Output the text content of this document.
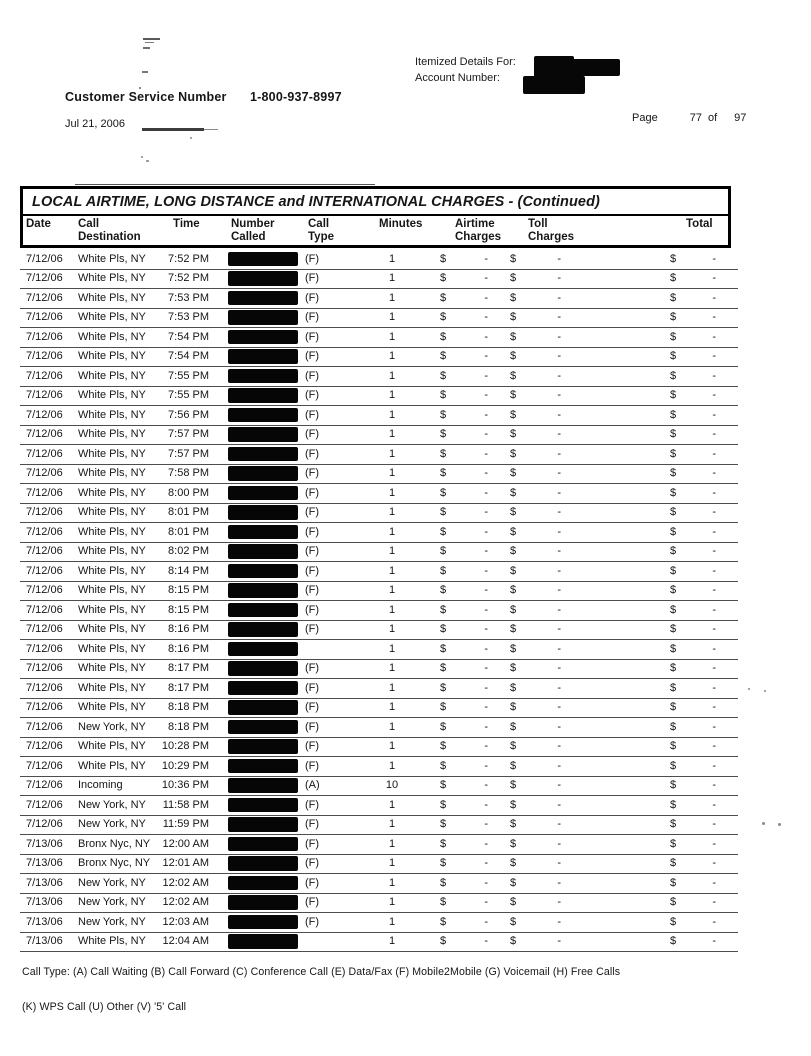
Itemized Details For:
Account Number:
Customer Service Number 1-800-937-8997
Jul 21, 2006	Page	77 of 97
LOCAL AIRTIME, LONG DISTANCE and INTERNATIONAL CHARGES - (Continued)
Date Call
Destination
Time	Number
Called
Call
Type
Minutes	Airtime
Charges
Toll
Charges
Total
7/12/06	White Pls, NY	7:52 PM	(F)	1	$	- $	-	$	-
7/12/06	White Pls, NY	7:52 PM	(F)	1	$	- $	-	$	-
7/12/06	White Pls, NY	7:53 PM	(F)	1	$	- $	-	$	-
7/12/06	White Pls, NY	7:53 PM	(F)	1	$	- $	-	$	-
7/12/06	White Pls, NY	7:54 PM	(F)	1	$	- $	-	$	-
7/12/06	White Pls, NY	7:54 PM	(F)	1	$	- $	-	$	-
7/12/06	White Pls, NY	7:55 PM	(F)	1	$	- $	-	$	-
7/12/06	White Pls, NY	7:55 PM	(F)	1	$	- $	-	$	-
7/12/06	White Pls, NY	7:56 PM	(F)	1	$	- $	-	$	-
7/12/06	White Pls, NY	7:57 PM	(F)	1	$	- $	-	$	-
7/12/06	White Pls, NY	7:57 PM	(F)	1	$	- $	-	$	-
7/12/06	White Pls, NY	7:58 PM	(F)	1	$	- $	-	$	-
7/12/06	White Pls, NY	8:00 PM	(F)	1	$	- $	-	$	-
7/12/06	White Pls, NY	8:01 PM	(F)	1	$	- $	-	$	-
7/12/06	White Pls, NY	8:01 PM	(F)	1	$	- $	-	$	-
7/12/06	White Pls, NY	8:02 PM	(F)	1	$	- $	-	$	-
7/12/06	White Pls, NY	8:14 PM	(F)	1	$	- $	-	$	-
7/12/06	White Pls, NY	8:15 PM	(F)	1	$	- $	-	$	-
7/12/06	White Pls, NY	8:15 PM	(F)	1	$	- $	-	$	-
7/12/06	White Pls, NY	8:16 PM	(F)	1	$	- $	-	$	-
7/12/06	White Pls, NY	8:16 PM	1	$	- $	-	$	-
7/12/06	White Pls, NY	8:17 PM	(F)	1	$	- $	-	$	-
7/12/06	White Pls, NY	8:17 PM	(F)	1	$	- $	-	$	-
7/12/06	White Pls, NY	8:18 PM	(F)	1	$	- $	-	$	-
7/12/06	New York, NY	8:18 PM	(F)	1	$	- $	-	$	-
7/12/06	White Pls, NY	10:28 PM	(F)	1	$	- $	-	$	-
7/12/06	White Pls, NY	10:29 PM	(F)	1	$	- $	-	$	-
7/12/06	Incoming	10:36 PM	(A)	10	$	- $	-	$	-
7/12/06	New York, NY	11:58 PM	(F)	1	$	- $	-	$	-
7/12/06	New York, NY	11:59 PM	(F)	1	$	- $	-	$	-
7/13/06	Bronx Nyc, NY	12:00 AM	(F)	1	$	- $	-	$	-
7/13/06	Bronx Nyc, NY	12:01 AM	(F)	1	$	- $	-	$	-
7/13/06	New York, NY	12:02 AM	(F)	1	$	- $	-	$	-
7/13/06	New York, NY	12:02 AM	(F)	1	$	- $	-	$	-
7/13/06	New York, NY	12:03 AM	(F)	1	$	- $	-	$	-
7/13/06	White Pls, NY	12:04 AM	1	$	- $	-	$	-
Call Type: (A) Call Waiting (B) Call Forward (C) Conference Call (E) Data/Fax (F) Mobile2Mobile (G) Voicemail (H) Free Calls
(K) WPS Call (U) Other (V) '5' Call
